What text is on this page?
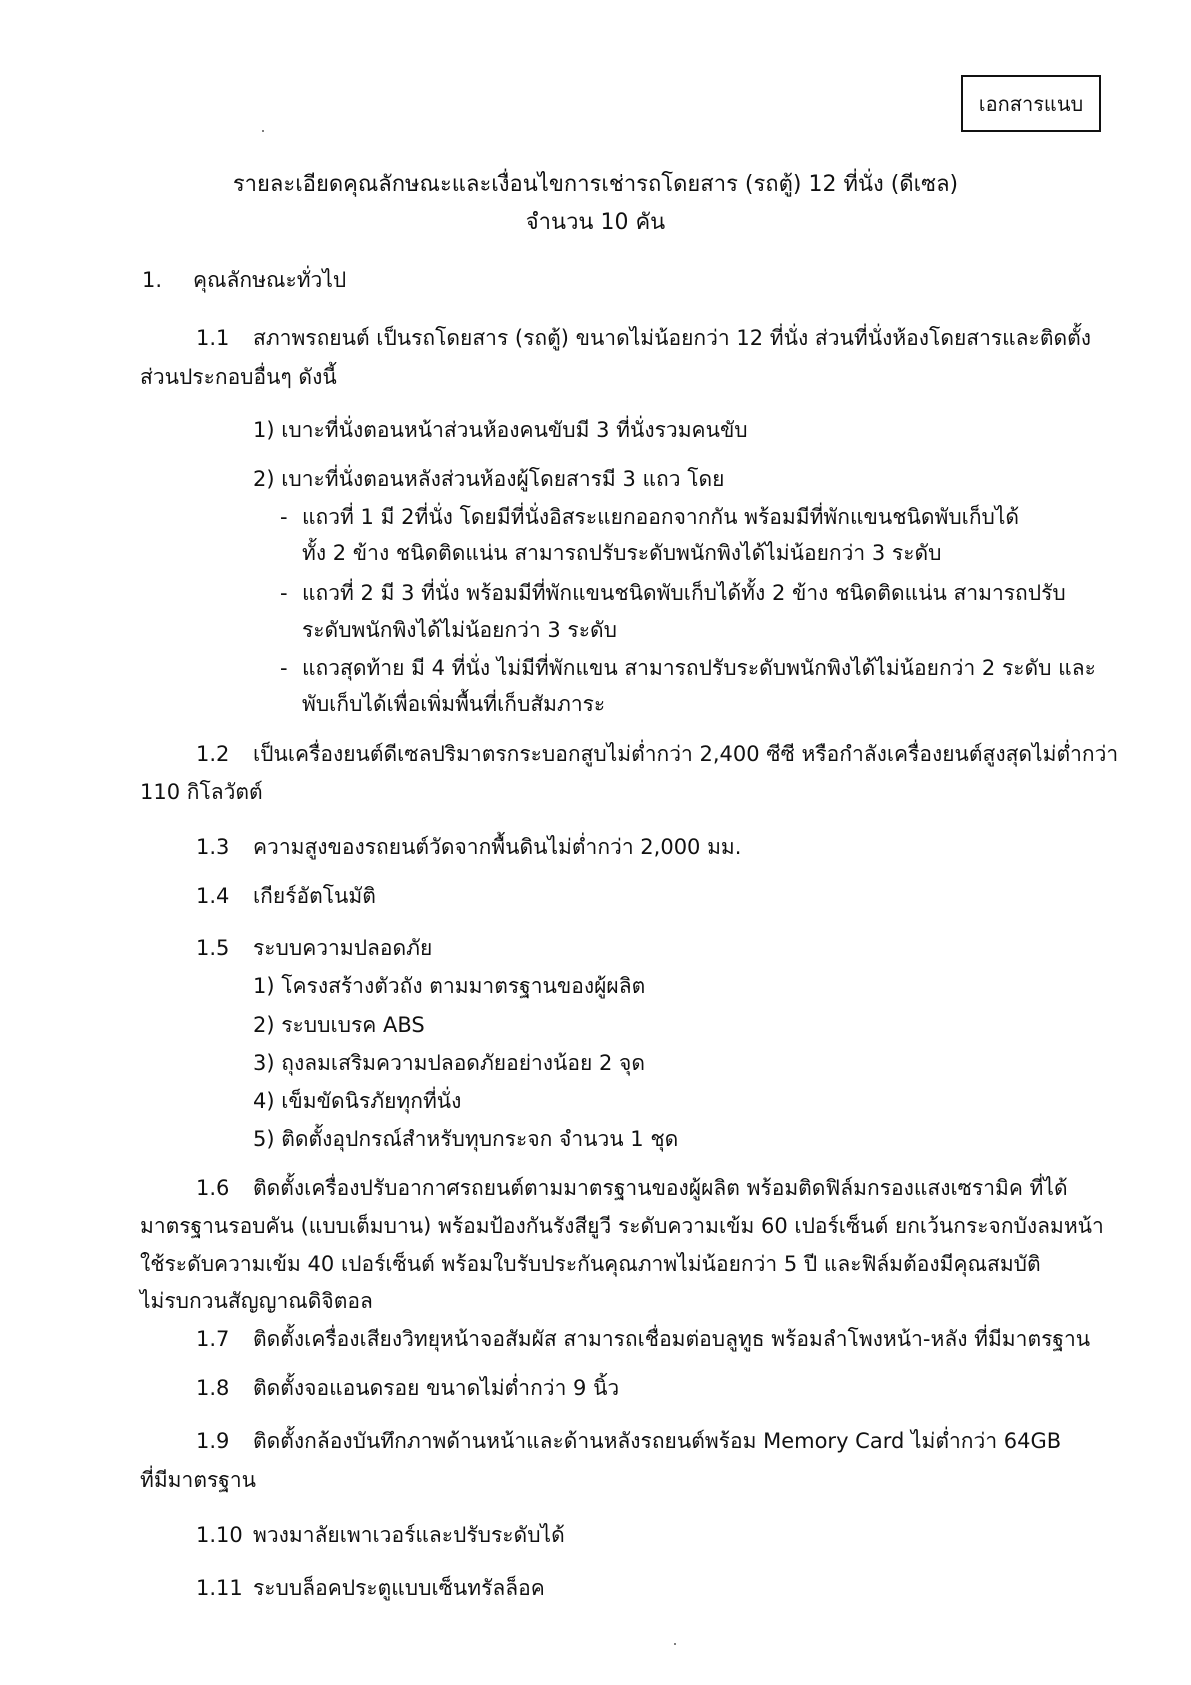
เอกสารแนบ
รายละเอียดคุณลักษณะและเงื่อนไขการเช่ารถโดยสาร (รถตู้) 12 ที่นั่ง (ดีเซล)
จำนวน 10 คัน
1. คุณลักษณะทั่วไป
1.1 สภาพรถยนต์ เป็นรถโดยสาร (รถตู้) ขนาดไม่น้อยกว่า 12 ที่นั่ง ส่วนที่นั่งห้องโดยสารและติดตั้ง
ส่วนประกอบอื่นๆ ดังนี้
1) เบาะที่นั่งตอนหน้าส่วนห้องคนขับมี 3 ที่นั่งรวมคนขับ
2) เบาะที่นั่งตอนหลังส่วนห้องผู้โดยสารมี 3 แถว โดย
- แถวที่ 1 มี 2ที่นั่ง โดยมีที่นั่งอิสระแยกออกจากกัน พร้อมมีที่พักแขนชนิดพับเก็บได้
ทั้ง 2 ข้าง ชนิดติดแน่น สามารถปรับระดับพนักพิงได้ไม่น้อยกว่า 3 ระดับ
- แถวที่ 2 มี 3 ที่นั่ง พร้อมมีที่พักแขนชนิดพับเก็บได้ทั้ง 2 ข้าง ชนิดติดแน่น สามารถปรับ
ระดับพนักพิงได้ไม่น้อยกว่า 3 ระดับ
- แถวสุดท้าย มี 4 ที่นั่ง ไม่มีที่พักแขน สามารถปรับระดับพนักพิงได้ไม่น้อยกว่า 2 ระดับ และ
พับเก็บได้เพื่อเพิ่มพื้นที่เก็บสัมภาระ
1.2 เป็นเครื่องยนต์ดีเซลปริมาตรกระบอกสูบไม่ต่ำกว่า 2,400 ซีซี หรือกำลังเครื่องยนต์สูงสุดไม่ต่ำกว่า
110 กิโลวัตต์
1.3 ความสูงของรถยนต์วัดจากพื้นดินไม่ต่ำกว่า 2,000 มม.
1.4 เกียร์อัตโนมัติ
1.5 ระบบความปลอดภัย
1) โครงสร้างตัวถัง ตามมาตรฐานของผู้ผลิต
2) ระบบเบรค ABS
3) ถุงลมเสริมความปลอดภัยอย่างน้อย 2 จุด
4) เข็มขัดนิรภัยทุกที่นั่ง
5) ติดตั้งอุปกรณ์สำหรับทุบกระจก จำนวน 1 ชุด
1.6 ติดตั้งเครื่องปรับอากาศรถยนต์ตามมาตรฐานของผู้ผลิต พร้อมติดฟิล์มกรองแสงเซรามิค ที่ได้
มาตรฐานรอบคัน (แบบเต็มบาน) พร้อมป้องกันรังสียูวี ระดับความเข้ม 60 เปอร์เซ็นต์ ยกเว้นกระจกบังลมหน้า
ใช้ระดับความเข้ม 40 เปอร์เซ็นต์ พร้อมใบรับประกันคุณภาพไม่น้อยกว่า 5 ปี และฟิล์มต้องมีคุณสมบัติ
ไม่รบกวนสัญญาณดิจิตอล
1.7 ติดตั้งเครื่องเสียงวิทยุหน้าจอสัมผัส สามารถเชื่อมต่อบลูทูธ พร้อมลำโพงหน้า-หลัง ที่มีมาตรฐาน
1.8 ติดตั้งจอแอนดรอย ขนาดไม่ต่ำกว่า 9 นิ้ว
1.9 ติดตั้งกล้องบันทึกภาพด้านหน้าและด้านหลังรถยนต์พร้อม Memory Card ไม่ต่ำกว่า 64GB
ที่มีมาตรฐาน
1.10 พวงมาลัยเพาเวอร์และปรับระดับได้
1.11 ระบบล็อคประตูแบบเซ็นทรัลล็อค
